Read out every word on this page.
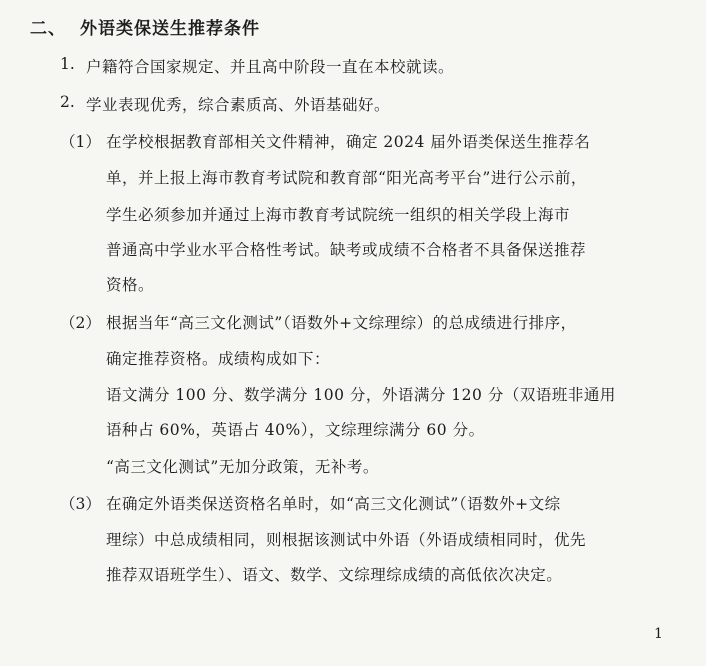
二、 外语类保送生推荐条件
1. 户籍符合国家规定、并且高中阶段一直在本校就读。
2. 学业表现优秀，综合素质高、外语基础好。
（1） 在学校根据教育部相关文件精神，确定 2024 届外语类保送生推荐名
单，并上报上海市教育考试院和教育部“阳光高考平台”进行公示前，
学生必须参加并通过上海市教育考试院统一组织的相关学段上海市
普通高中学业水平合格性考试。缺考或成绩不合格者不具备保送推荐
资格。
（2） 根据当年“高三文化测试”（语数外+文综理综）的总成绩进行排序，
确定推荐资格。成绩构成如下：
语文满分 100 分、数学满分 100 分，外语满分 120 分（双语班非通用
语种占 60%，英语占 40%），文综理综满分 60 分。
“高三文化测试”无加分政策，无补考。
（3） 在确定外语类保送资格名单时，如“高三文化测试”（语数外+文综
理综）中总成绩相同，则根据该测试中外语（外语成绩相同时，优先
推荐双语班学生）、语文、数学、文综理综成绩的高低依次决定。
1
